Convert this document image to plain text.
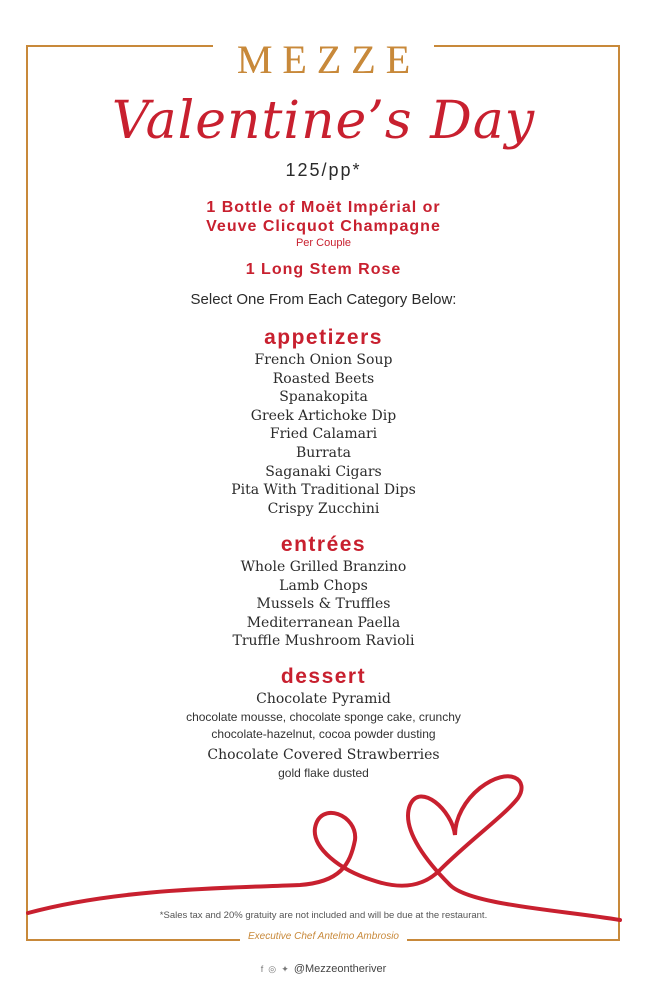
MEZZE
Valentine’s Day
125/pp*
1 Bottle of Moët Impérial or
Veuve Clicquot Champagne
Per Couple
1 Long Stem Rose
Select One From Each Category Below:
appetizers
French Onion Soup
Roasted Beets
Spanakopita
Greek Artichoke Dip
Fried Calamari
Burrata
Saganaki Cigars
Pita With Traditional Dips
Crispy Zucchini
entrées
Whole Grilled Branzino
Lamb Chops
Mussels & Truffles
Mediterranean Paella
Truffle Mushroom Ravioli
dessert
Chocolate Pyramid
chocolate mousse, chocolate sponge cake, crunchy
chocolate-hazelnut, cocoa powder dusting
Chocolate Covered Strawberries
gold flake dusted
*Sales tax and 20% gratuity are not included and will be due at the restaurant.
Executive Chef Antelmo Ambrosio
f ◎ ✦ @Mezzeontheriver
